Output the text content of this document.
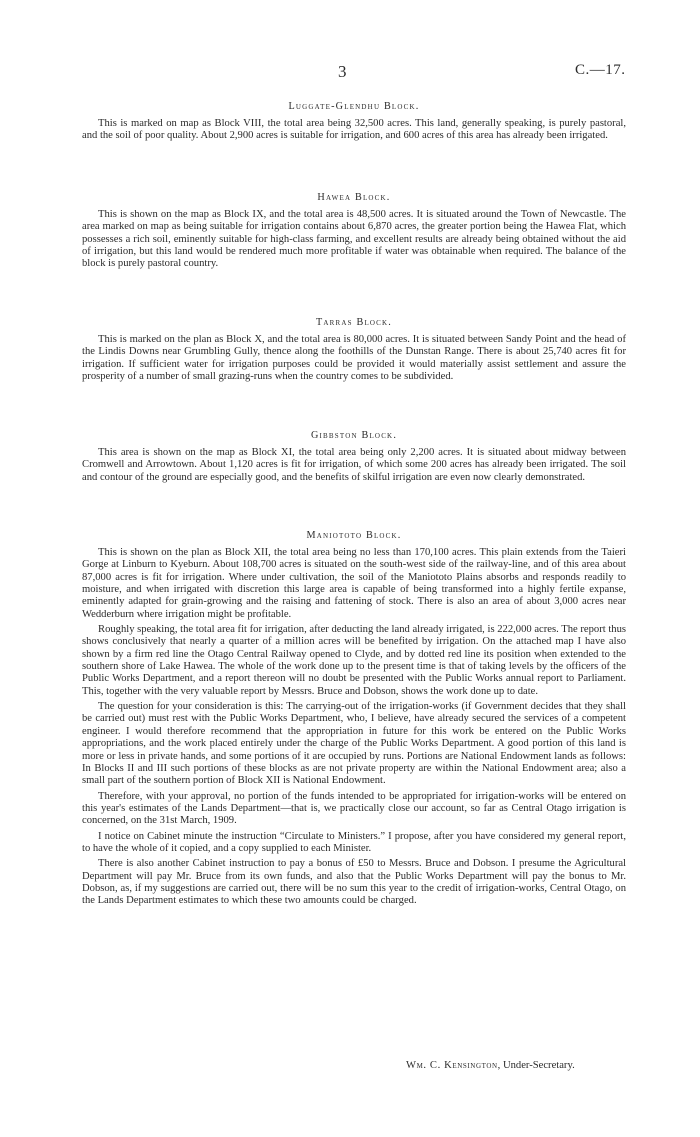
3	C.—17.
Luggate-Glendhu Block.

This is marked on map as Block VIII, the total area being 32,500 acres. This land, generally speaking, is purely pastoral, and the soil of poor quality. About 2,900 acres is suitable for irrigation, and 600 acres of this area has already been irrigated.

Hawea Block.

This is shown on the map as Block IX, and the total area is 48,500 acres. It is situated around the Town of Newcastle. The area marked on map as being suitable for irrigation contains about 6,870 acres, the greater portion being the Hawea Flat, which possesses a rich soil, eminently suitable for high-class farming, and excellent results are already being obtained without the aid of irrigation, but this land would be rendered much more profitable if water was obtainable when required. The balance of the block is purely pastoral country.

Tarras Block.

This is marked on the plan as Block X, and the total area is 80,000 acres. It is situated between Sandy Point and the head of the Lindis Downs near Grumbling Gully, thence along the foothills of the Dunstan Range. There is about 25,740 acres fit for irrigation. If sufficient water for irrigation purposes could be provided it would materially assist settlement and assure the prosperity of a number of small grazing-runs when the country comes to be subdivided.

Gibbston Block.

This area is shown on the map as Block XI, the total area being only 2,200 acres. It is situated about midway between Cromwell and Arrowtown. About 1,120 acres is fit for irrigation, of which some 200 acres has already been irrigated. The soil and contour of the ground are especially good, and the benefits of skilful irrigation are even now clearly demonstrated.

Maniototo Block.

This is shown on the plan as Block XII, the total area being no less than 170,100 acres. This plain extends from the Taieri Gorge at Linburn to Kyeburn. About 108,700 acres is situated on the south-west side of the railway-line, and of this area about 87,000 acres is fit for irrigation. Where under cultivation, the soil of the Maniototo Plains absorbs and responds readily to moisture, and when irrigated with discretion this large area is capable of being transformed into a highly fertile expanse, eminently adapted for grain-growing and the raising and fattening of stock. There is also an area of about 3,000 acres near Wedderburn where irrigation might be profitable.

Roughly speaking, the total area fit for irrigation, after deducting the land already irrigated, is 222,000 acres. The report thus shows conclusively that nearly a quarter of a million acres will be benefited by irrigation. On the attached map I have also shown by a firm red line the Otago Central Railway opened to Clyde, and by dotted red line its position when extended to the southern shore of Lake Hawea. The whole of the work done up to the present time is that of taking levels by the officers of the Public Works Department, and a report thereon will no doubt be presented with the Public Works annual report to Parliament. This, together with the very valuable report by Messrs. Bruce and Dobson, shows the work done up to date.

The question for your consideration is this: The carrying-out of the irrigation-works (if Government decides that they shall be carried out) must rest with the Public Works Department, who, I believe, have already secured the services of a competent engineer. I would therefore recommend that the appropriation in future for this work be entered on the Public Works appropriations, and the work placed entirely under the charge of the Public Works Department. A good portion of this land is more or less in private hands, and some portions of it are occupied by runs. Portions are National Endowment lands as follows: In Blocks II and III such portions of these blocks as are not private property are within the National Endowment area; also a small part of the southern portion of Block XII is National Endowment.

Therefore, with your approval, no portion of the funds intended to be appropriated for irrigation-works will be entered on this year's estimates of the Lands Department—that is, we practically close our account, so far as Central Otago irrigation is concerned, on the 31st March, 1909.

I notice on Cabinet minute the instruction “Circulate to Ministers.” I propose, after you have considered my general report, to have the whole of it copied, and a copy supplied to each Minister.

There is also another Cabinet instruction to pay a bonus of £50 to Messrs. Bruce and Dobson. I presume the Agricultural Department will pay Mr. Bruce from its own funds, and also that the Public Works Department will pay the bonus to Mr. Dobson, as, if my suggestions are carried out, there will be no sum this year to the credit of irrigation-works, Central Otago, on the Lands Department estimates to which these two amounts could be charged.

Wm. C. Kensington, Under-Secretary.
